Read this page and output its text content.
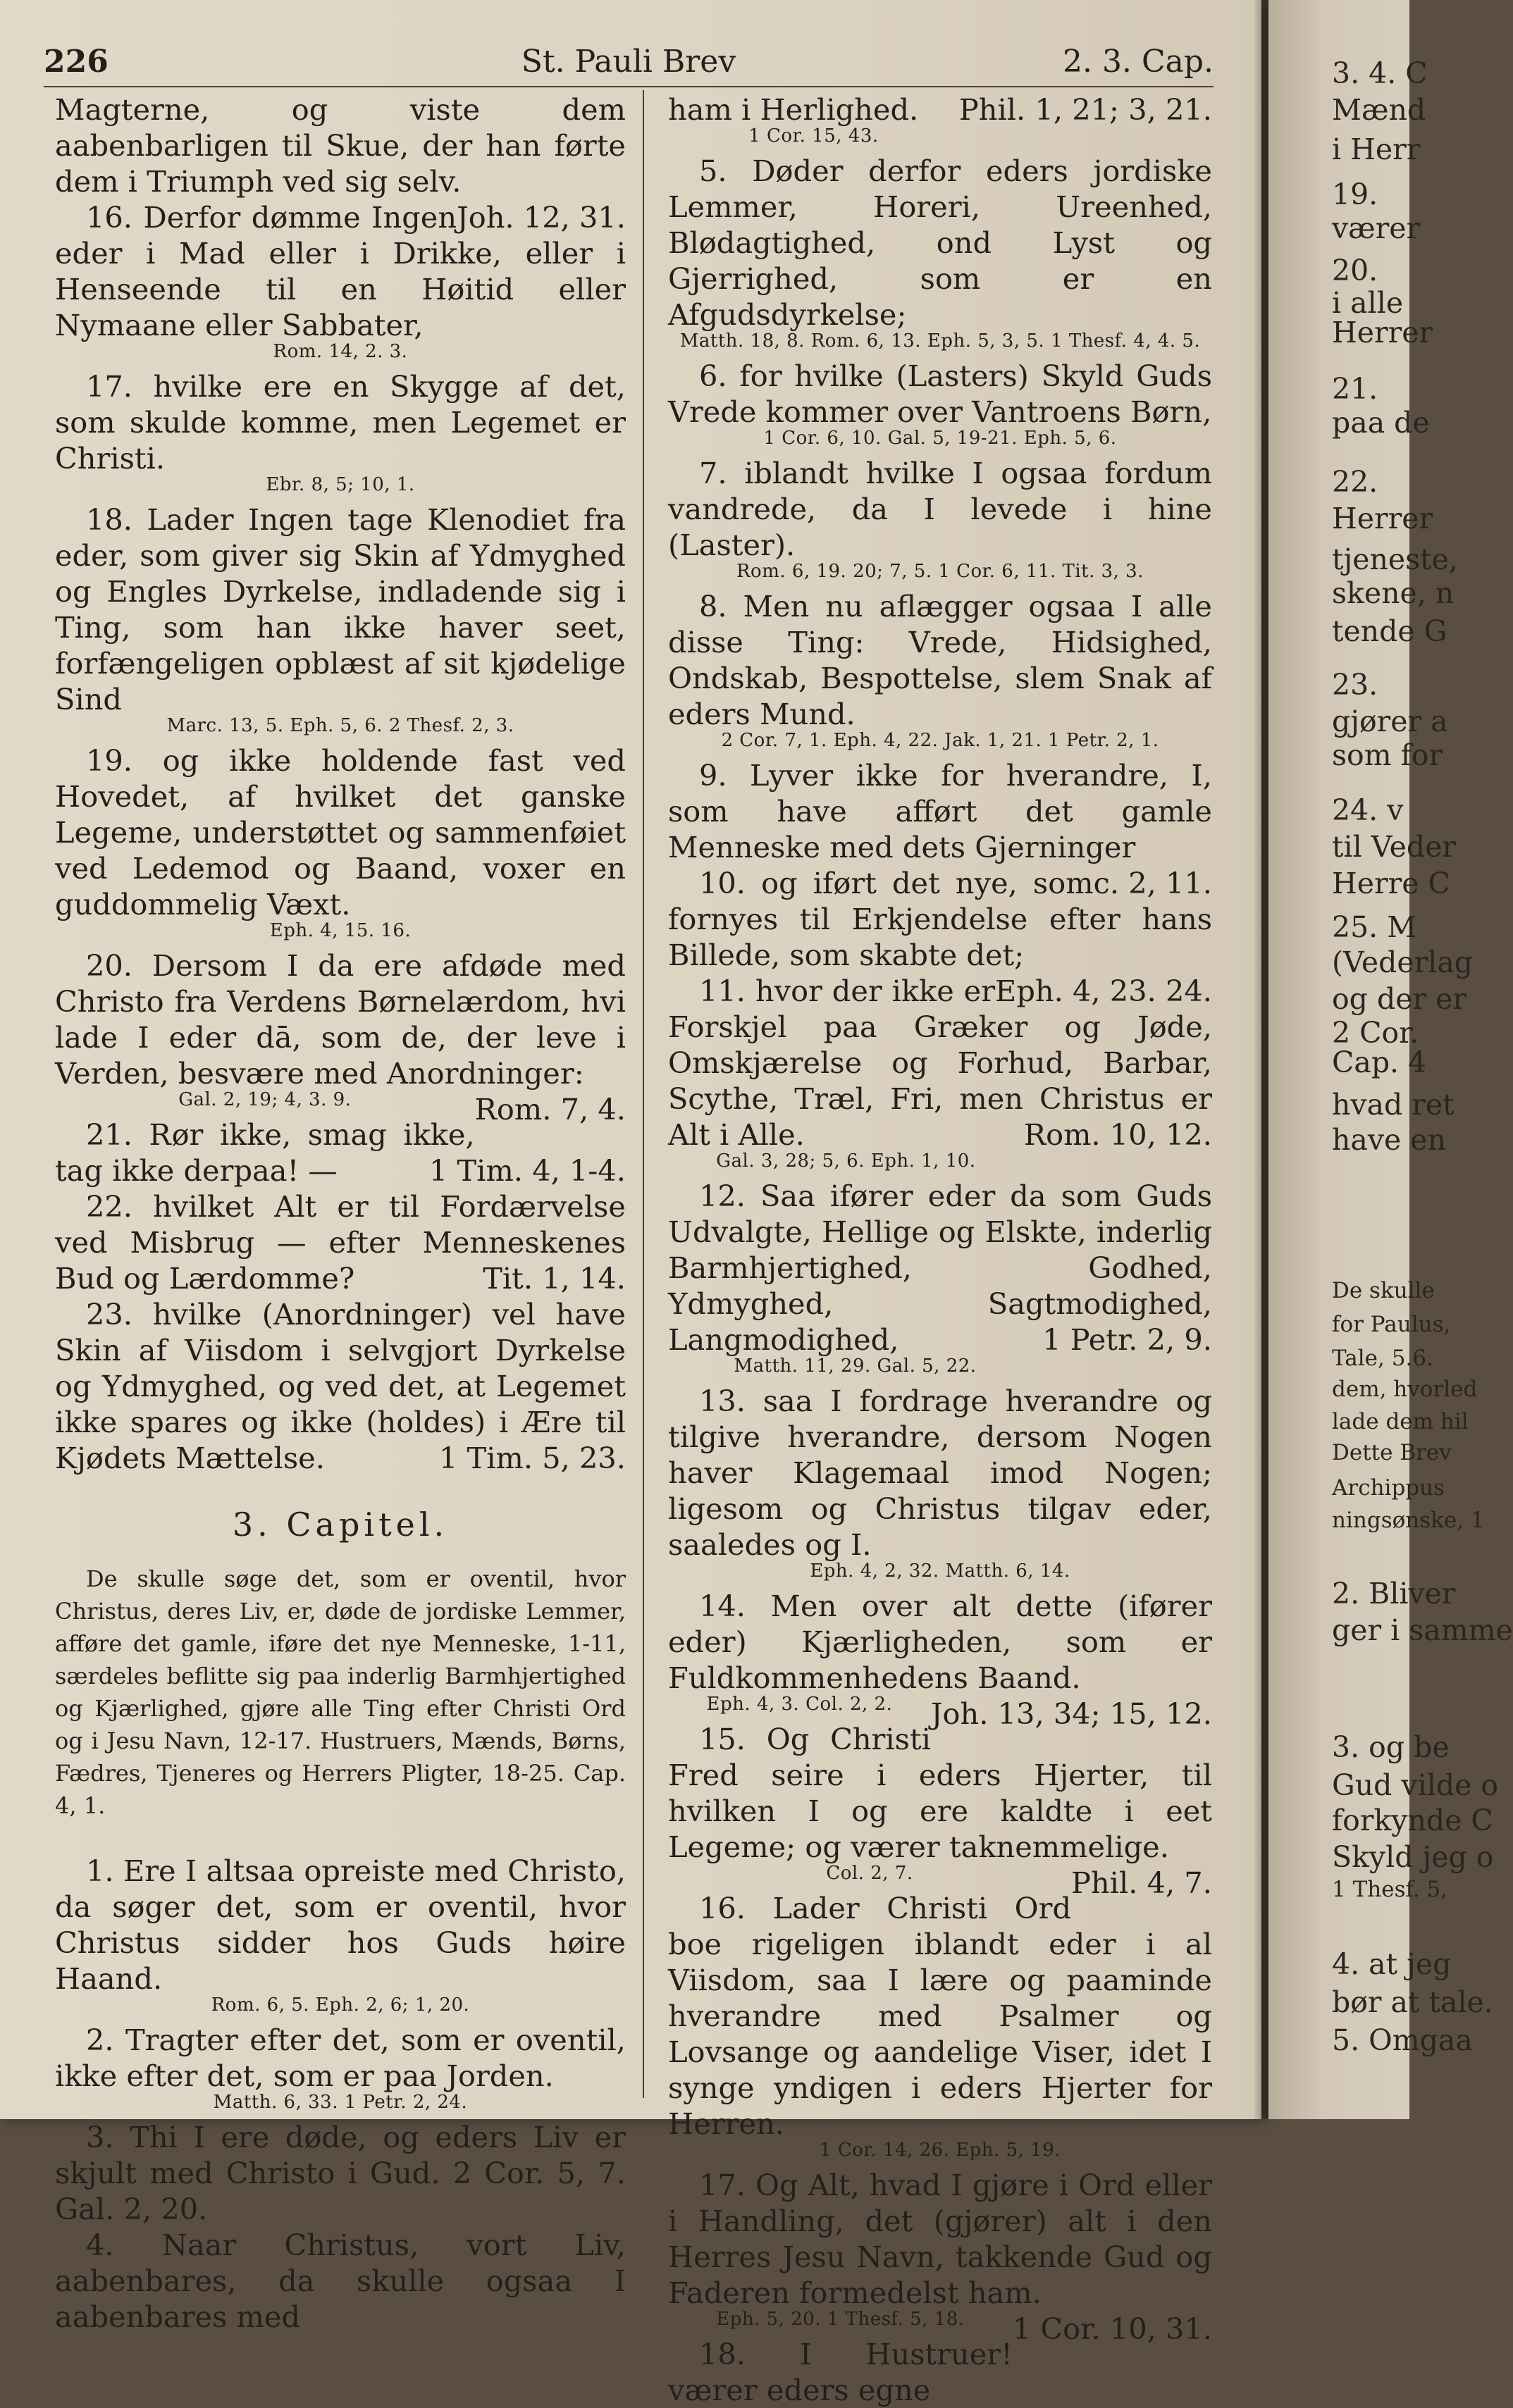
226	St. Pauli Brev	2. 3. Cap.

Magterne, og viste dem aabenbarligen til Skue, der han førte dem i Triumph ved sig selv.
Joh. 12, 31.

16. Derfor dømme Ingen eder i Mad eller i Drikke, eller i Henseende til en Høitid eller Nymaane eller Sabbater,

Rom. 14, 2. 3.

17. hvilke ere en Skygge af det, som skulde komme, men Legemet er Christi.

Ebr. 8, 5; 10, 1.

18. Lader Ingen tage Klenodiet fra eder, som giver sig Skin af Ydmyghed og Engles Dyrkelse, indladende sig i Ting, som han ikke haver seet, forfængeligen opblæst af sit kjødelige Sind

Marc. 13, 5. Eph. 5, 6. 2 Thesf. 2, 3.

19. og ikke holdende fast ved Hovedet, af hvilket det ganske Legeme, understøttet og sammenføiet ved Ledemod og Baand, voxer en guddommelig Væxt.

Eph. 4, 15. 16.

20. Dersom I da ere afdøde med Christo fra Verdens Børnelærdom, hvi lade I eder dā, som de, der leve i Verden, besvære med Anordninger:
Rom. 7, 4.

Gal. 2, 19; 4, 3. 9.

21. Rør ikke, smag ikke, tag ikke derpaa! —	1 Tim. 4, 1-4.

22. hvilket Alt er til Fordærvelse ved Misbrug — efter Menneskenes Bud og Lærdomme?	Tit. 1, 14.

23. hvilke (Anordninger) vel have Skin af Viisdom i selvgjort Dyrkelse og Ydmyghed, og ved det, at Legemet ikke spares og ikke (holdes) i Ære til Kjødets Mættelse.	1 Tim. 5, 23.

3. Capitel.
De skulle søge det, som er oventil, hvor Christus, deres Liv, er, døde de jordiske Lemmer, afføre det gamle, iføre det nye Menneske, 1-11, særdeles beflitte sig paa inderlig Barmhjertighed og Kjærlighed, gjøre alle Ting efter Christi Ord og i Jesu Navn, 12-17. Hustruers, Mænds, Børns, Fædres, Tjeneres og Herrers Pligter, 18-25. Cap. 4, 1.

1. Ere I altsaa opreiste med Christo, da søger det, som er oventil, hvor Christus sidder hos Guds høire Haand.

Rom. 6, 5. Eph. 2, 6; 1, 20.

2. Tragter efter det, som er oventil, ikke efter det, som er paa Jorden.

Matth. 6, 33. 1 Petr. 2, 24.

3. Thi I ere døde, og eders Liv er skjult med Christo i Gud. 2 Cor. 5, 7. Gal. 2, 20.

4. Naar Christus, vort Liv, aabenbares, da skulle ogsaa I aabenbares med

ham i Herlighed. Phil. 1, 21; 3, 21.

1 Cor. 15, 43.

5. Døder derfor eders jordiske Lemmer, Horeri, Ureenhed, Blødagtighed, ond Lyst og Gjerrighed, som er en Afgudsdyrkelse;

Matth. 18, 8. Rom. 6, 13. Eph. 5, 3, 5. 1 Thesf. 4, 4. 5.

6. for hvilke (Lasters) Skyld Guds Vrede kommer over Vantroens Børn,

1 Cor. 6, 10. Gal. 5, 19-21. Eph. 5, 6.

7. iblandt hvilke I ogsaa fordum vandrede, da I levede i hine (Laster).

Rom. 6, 19. 20; 7, 5. 1 Cor. 6, 11. Tit. 3, 3.

8. Men nu aflægger ogsaa I alle disse Ting: Vrede, Hidsighed, Ondskab, Bespottelse, slem Snak af eders Mund.

2 Cor. 7, 1. Eph. 4, 22. Jak. 1, 21. 1 Petr. 2, 1.

9. Lyver ikke for hverandre, I, som have afført det gamle Menneske med dets Gjerninger
c. 2, 11.

10. og iført det nye, som fornyes til Erkjendelse efter hans Billede, som skabte det;
Eph. 4, 23. 24.

11. hvor der ikke er Forskjel paa Græker og Jøde, Omskjærelse og Forhud, Barbar, Scythe, Træl, Fri, men Christus er Alt i Alle.	Rom. 10, 12.

Gal. 3, 28; 5, 6. Eph. 1, 10.

12. Saa ifører eder da som Guds Udvalgte, Hellige og Elskte, inderlig Barmhjertighed, Godhed, Ydmyghed, Sagtmodighed, Langmodighed,	1 Petr. 2, 9.

Matth. 11, 29. Gal. 5, 22.

13. saa I fordrage hverandre og tilgive hverandre, dersom Nogen haver Klagemaal imod Nogen; ligesom og Christus tilgav eder, saaledes og I.

Eph. 4, 2, 32. Matth. 6, 14.

14. Men over alt dette (ifører eder) Kjærligheden, som er Fuldkommenhedens Baand.
Joh. 13, 34; 15, 12.

Eph. 4, 3. Col. 2, 2.

15. Og Christi Fred seire i eders Hjerter, til hvilken I og ere kaldte i eet Legeme; og værer taknemmelige.
Phil. 4, 7.

Col. 2, 7.

16. Lader Christi Ord boe rigeligen iblandt eder i al Viisdom, saa I lære og paaminde hverandre med Psalmer og Lovsange og aandelige Viser, idet I synge yndigen i eders Hjerter for Herren.

1 Cor. 14, 26. Eph. 5, 19.

17. Og Alt, hvad I gjøre i Ord eller i Handling, det (gjører) alt i den Herres Jesu Navn, takkende Gud og Faderen formedelst ham.
1 Cor. 10, 31.

Eph. 5, 20. 1 Thesf. 5, 18.

18. I Hustruer! værer eders egne

3. 4. C
Mænd
i Herr
19.
værer
20.
i alle
Herrer
21.
paa de
22.
Herrer
tjeneste,
skene, n
tende G
23.
gjører a
som for
24. v
til Veder
Herre C
25. M
(Vederlag
og der er
2 Cor.
Cap. 4
hvad ret
have en
De skulle
for Paulus,
Tale, 5.6.
dem, hvorled
lade dem hil
Dette Brev
Archippus
ningsønske, 1
2. Bliver
ger i samme
3. og be
Gud vilde o
forkynde C
Skyld jeg o
1 Thesf. 5,
4. at jeg
bør at tale.
5. Omgaa
